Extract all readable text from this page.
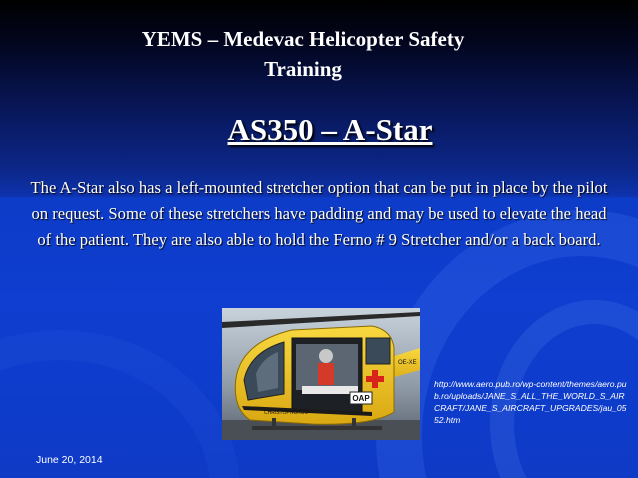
YEMS – Medevac Helicopter Safety
Training
AS350 – A-Star

The A-Star also has a left-mounted stretcher option that can be put in place by the pilot on request. Some of these stretchers have padding and may be used to elevate the head of the patient. They are also able to hold the Ferno # 9 Stretcher and/or a back board.

OAP
CHRISTOPHORUS
OE-XE

http://www.aero.pub.ro/wp-content/themes/aero.pub.ro/uploads/JANE_S_ALL_THE_WORLD_S_AIRCRAFT/JANE_S_AIRCRAFT_UPGRADES/jau_0552.htm

June 20, 2014
